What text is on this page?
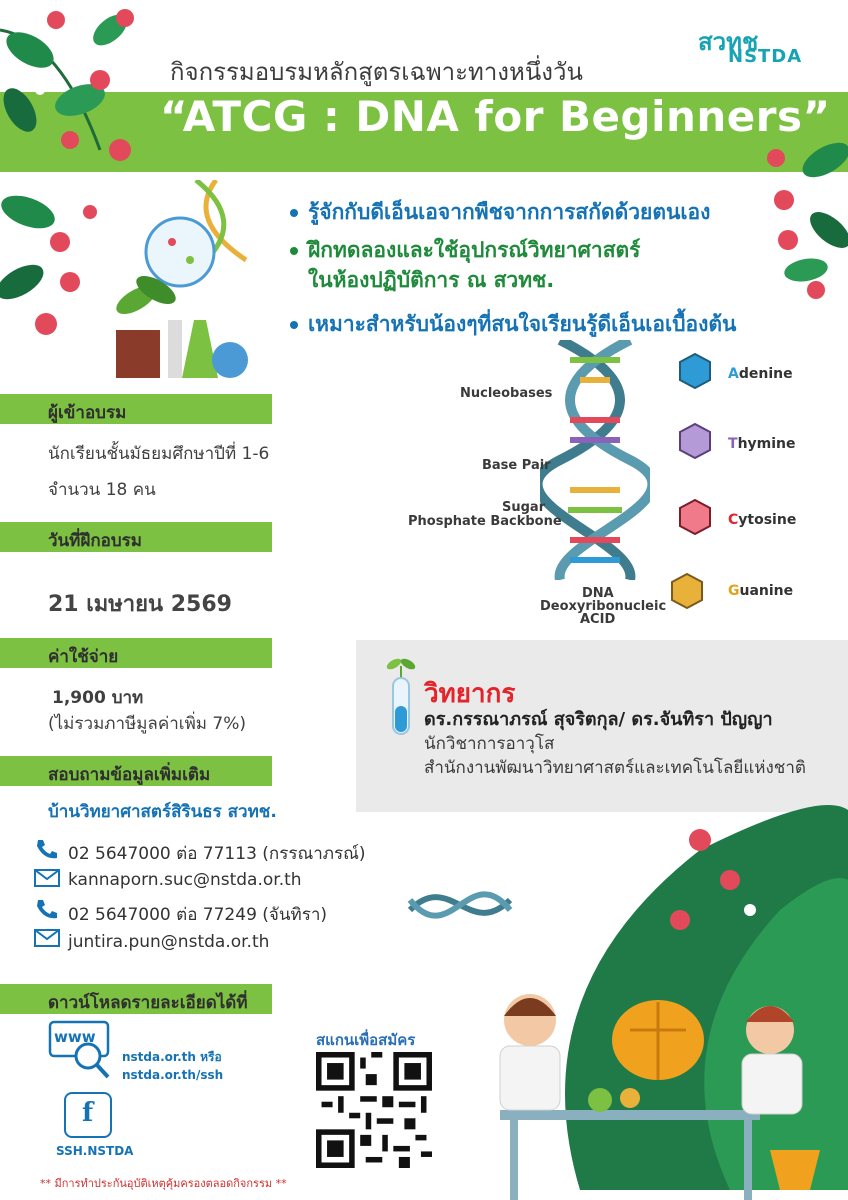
กิจกรรมอบรมหลักสูตรเฉพาะทางหนึ่งวัน
“ATCG : DNA for Beginners”
สวทช
NSTDA
รู้จักกับดีเอ็นเอจากพืชจากการสกัดด้วยตนเอง
ฝึกทดลองและใช้อุปกรณ์วิทยาศาสตร์
ในห้องปฏิบัติการ ณ สวทช.
เหมาะสำหรับน้องๆที่สนใจเรียนรู้ดีเอ็นเอเบื้องต้น
Nucleobases
Base Pair
Sugar
Phosphate Backbone
DNA
Deoxyribonucleic
ACID
Adenine
Thymine
Cytosine
Guanine
ผู้เข้าอบรม
นักเรียนชั้นมัธยมศึกษาปีที่ 1-6
จำนวน 18 คน
วันที่ฝึกอบรม
21 เมษายน 2569
ค่าใช้จ่าย
1,900 บาท
(ไม่รวมภาษีมูลค่าเพิ่ม 7%)
สอบถามข้อมูลเพิ่มเติม
บ้านวิทยาศาสตร์สิรินธร สวทช.
02 5647000 ต่อ 77113 (กรรณาภรณ์)
kannaporn.suc@nstda.or.th
02 5647000 ต่อ 77249 (จันทิรา)
juntira.pun@nstda.or.th
ดาวน์โหลดรายละเอียดได้ที่
www
nstda.or.th หรือ
nstda.or.th/ssh
f
SSH.NSTDA
สแกนเพื่อสมัคร
วิทยากร
ดร.กรรณาภรณ์ สุจริตกุล/ ดร.จันทิรา ปัญญา
นักวิชาการอาวุโส
สำนักงานพัฒนาวิทยาศาสตร์และเทคโนโลยีแห่งชาติ
** มีการทำประกันอุบัติเหตุคุ้มครองตลอดกิจกรรม **
